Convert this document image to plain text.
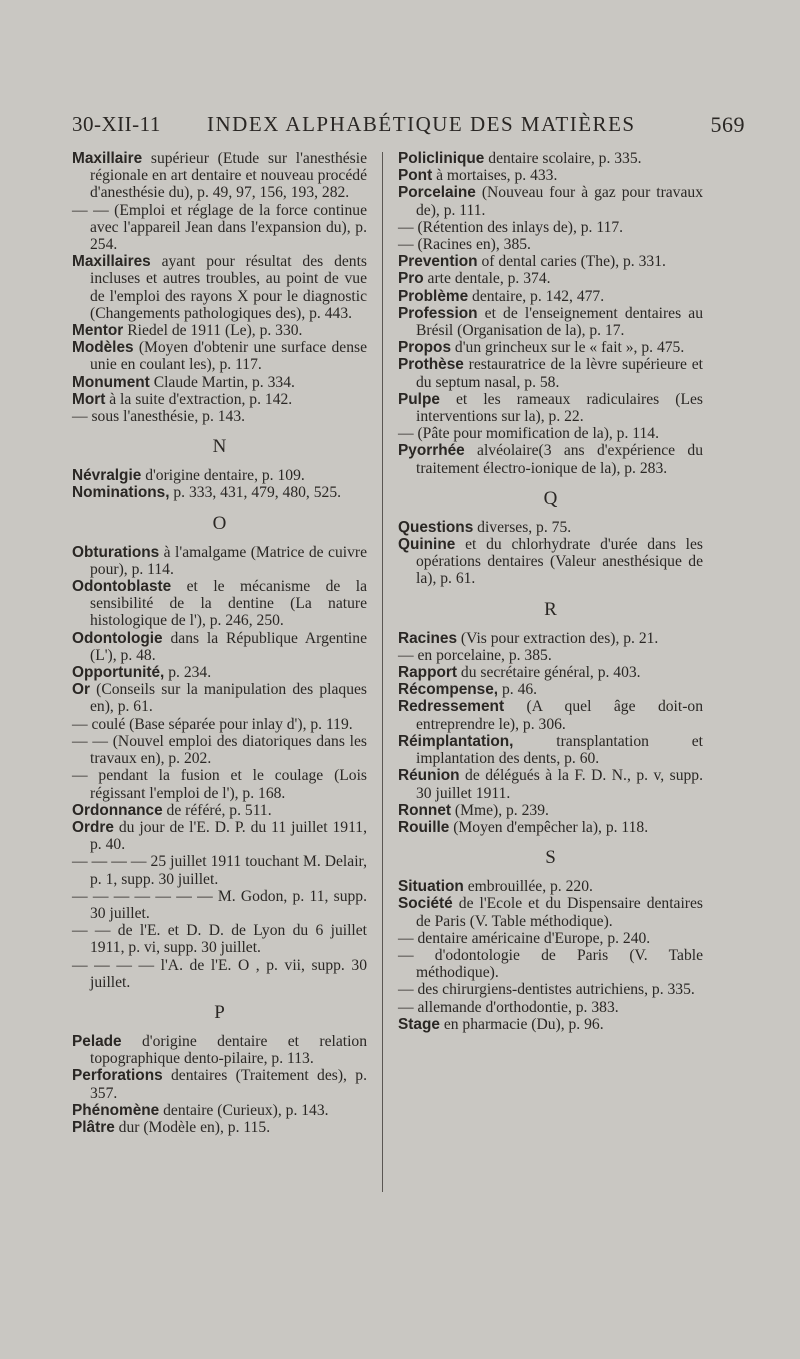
30-XII-11 INDEX ALPHABÉTIQUE DES MATIÈRES	569
Maxillaire supérieur (Etude sur l'anesthésie régionale en art dentaire et nouveau procédé d'anesthésie du), p. 49, 97, 156, 193, 282.
— — (Emploi et réglage de la force continue avec l'appareil Jean dans l'expansion du), p. 254.
Maxillaires ayant pour résultat des dents incluses et autres troubles, au point de vue de l'emploi des rayons X pour le diagnostic (Changements pathologiques des), p. 443.
Mentor Riedel de 1911 (Le), p. 330.
Modèles (Moyen d'obtenir une surface dense unie en coulant les), p. 117.
Monument Claude Martin, p. 334.
Mort à la suite d'extraction, p. 142.
— sous l'anesthésie, p. 143.
N
Névralgie d'origine dentaire, p. 109.
Nominations, p. 333, 431, 479, 480, 525.
O
Obturations à l'amalgame (Matrice de cuivre pour), p. 114.
Odontoblaste et le mécanisme de la sensibilité de la dentine (La nature histologique de l'), p. 246, 250.
Odontologie dans la République Argentine (L'), p. 48.
Opportunité, p. 234.
Or (Conseils sur la manipulation des plaques en), p. 61.
— coulé (Base séparée pour inlay d'), p. 119.
— — (Nouvel emploi des diatoriques dans les travaux en), p. 202.
— pendant la fusion et le coulage (Lois régissant l'emploi de l'), p. 168.
Ordonnance de référé, p. 511.
Ordre du jour de l'E. D. P. du 11 juillet 1911, p. 40.
— — — — 25 juillet 1911 touchant M. Delair, p. 1, supp. 30 juillet.
— — — — — — — M. Godon, p. 11, supp. 30 juillet.
— — de l'E. et D. D. de Lyon du 6 juillet 1911, p. vi, supp. 30 juillet.
— — — — l'A. de l'E. O , p. vii, supp. 30 juillet.
P
Pelade d'origine dentaire et relation topographique dento-pilaire, p. 113.
Perforations dentaires (Traitement des), p. 357.
Phénomène dentaire (Curieux), p. 143.
Plâtre dur (Modèle en), p. 115.
Policlinique dentaire scolaire, p. 335.
Pont à mortaises, p. 433.
Porcelaine (Nouveau four à gaz pour travaux de), p. 111.
— (Rétention des inlays de), p. 117.
— (Racines en), 385.
Prevention of dental caries (The), p. 331.
Pro arte dentale, p. 374.
Problème dentaire, p. 142, 477.
Profession et de l'enseignement dentaires au Brésil (Organisation de la), p. 17.
Propos d'un grincheux sur le « fait », p. 475.
Prothèse restauratrice de la lèvre supérieure et du septum nasal, p. 58.
Pulpe et les rameaux radiculaires (Les interventions sur la), p. 22.
— (Pâte pour momification de la), p. 114.
Pyorrhée alvéolaire(3 ans d'expérience du traitement électro-ionique de la), p. 283.
Q
Questions diverses, p. 75.
Quinine et du chlorhydrate d'urée dans les opérations dentaires (Valeur anesthésique de la), p. 61.
R
Racines (Vis pour extraction des), p. 21.
— en porcelaine, p. 385.
Rapport du secrétaire général, p. 403.
Récompense, p. 46.
Redressement (A quel âge doit-on entreprendre le), p. 306.
Réimplantation, transplantation et implantation des dents, p. 60.
Réunion de délégués à la F. D. N., p. v, supp. 30 juillet 1911.
Ronnet (Mme), p. 239.
Rouille (Moyen d'empêcher la), p. 118.
S
Situation embrouillée, p. 220.
Société de l'Ecole et du Dispensaire dentaires de Paris (V. Table méthodique).
— dentaire américaine d'Europe, p. 240.
— d'odontologie de Paris (V. Table méthodique).
— des chirurgiens-dentistes autrichiens, p. 335.
— allemande d'orthodontie, p. 383.
Stage en pharmacie (Du), p. 96.
